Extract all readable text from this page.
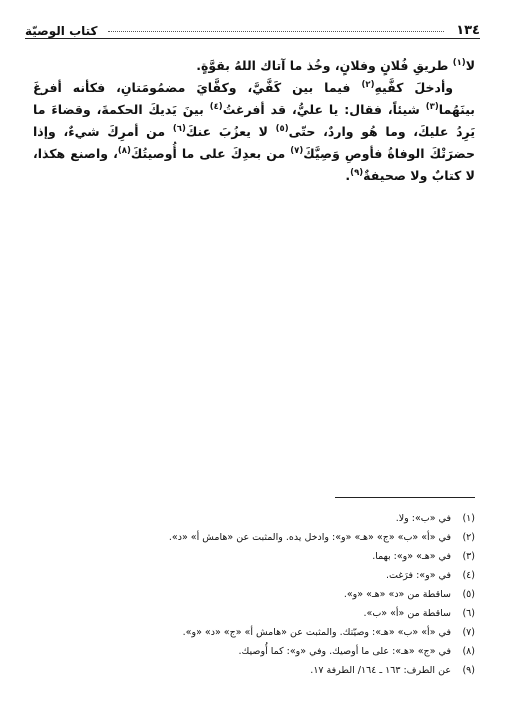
١٣٤
كتاب الوصيّة

لا$^{(١)}$ طريقِ فُلانٍ وفلانٍ، وخُذ ما آتاك اللهُ بقوَّةٍ.

وأدخلَ كفَّيهِ$^{(٢)}$ فيما بين كَفَّيَّ، وكفَّايَ مضمُومَتانِ، فكأنه أفرغَ بينَهُما$^{(٣)}$ شيئاً، فقال: يا عليُّ، قد أفرغتُ$^{(٤)}$ بينَ يَديكَ الحكمةَ، وقضاءَ ما يَرِدُ عليكَ، وما هُو واردٌ، حتّى$^{(٥)}$ لا يعزُبَ عنكَ$^{(٦)}$ من أمرِكَ شيءٌ، وإذا حضرَتْكَ الوفاةُ فأوصِ وَصِيَّكَ$^{(٧)}$ من بعدِكَ على ما أُوصيتُكَ$^{(٨)}$، واصنع هكذا، لا كتابٌ ولا صحيفةٌ$^{(٩)}$.

(١)في «ب»: ولا.
(٢)في «أ» «ب» «ج» «هـ» «و»: وادخل يده. والمثبت عن «هامش أ» «د».
(٣)في «هـ» «و»: بهما.
(٤)في «و»: فرَغت.
(٥)ساقطة من «د» «هـ» «و».
(٦)ساقطة من «أ» «ب».
(٧)في «أ» «ب» «هـ»: وصيّتك. والمثبت عن «هامش أ» «ج» «د» «و».
(٨)في «ج» «هـ»: على ما أوصيك. وفي «و»: كما أُوصيك.
(٩)عن الطرف: ١٦٣ ـ ١٦٤/ الطرفة ١٧.
